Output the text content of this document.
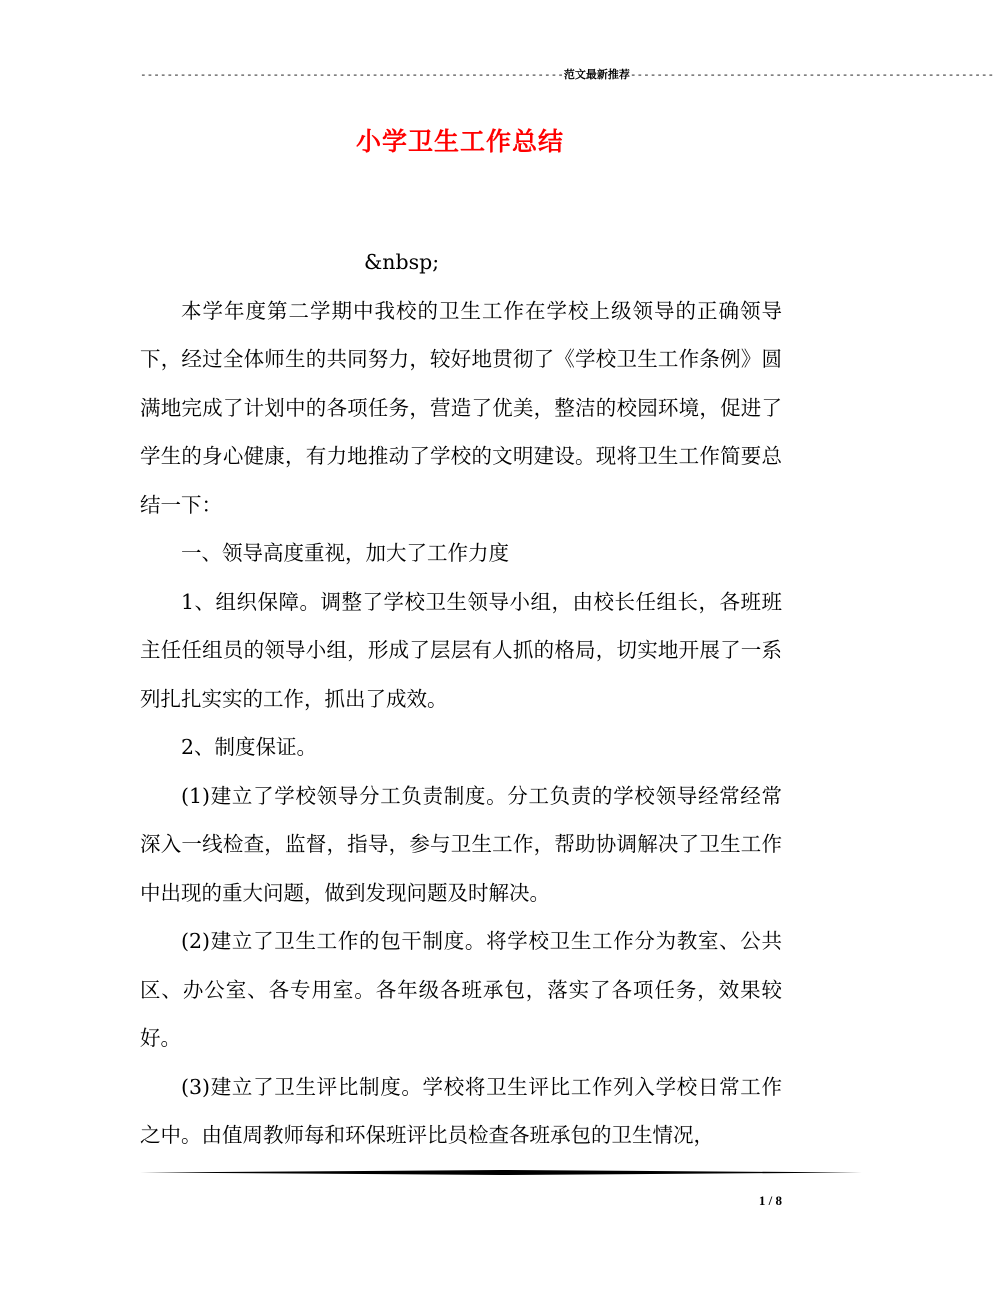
----------------------------------------------------------------范文最新推荐-------------------------------------------------------
小学卫生工作总结

&nbsp;

本学年度第二学期中我校的卫生工作在学校上级领导的正确领导下，经过全体师生的共同努力，较好地贯彻了《学校卫生工作条例》圆满地完成了计划中的各项任务，营造了优美，整洁的校园环境，促进了学生的身心健康，有力地推动了学校的文明建设。现将卫生工作简要总结一下：

一、领导高度重视，加大了工作力度

1、组织保障。调整了学校卫生领导小组，由校长任组长，各班班主任任组员的领导小组，形成了层层有人抓的格局，切实地开展了一系列扎扎实实的工作，抓出了成效。

2、制度保证。

(1)建立了学校领导分工负责制度。分工负责的学校领导经常经常深入一线检查，监督，指导，参与卫生工作，帮助协调解决了卫生工作中出现的重大问题，做到发现问题及时解决。

(2)建立了卫生工作的包干制度。将学校卫生工作分为教室、公共区、办公室、各专用室。各年级各班承包，落实了各项任务，效果较好。

(3)建立了卫生评比制度。学校将卫生评比工作列入学校日常工作之中。由值周教师每和环保班评比员检查各班承包的卫生情况，

1 / 8
